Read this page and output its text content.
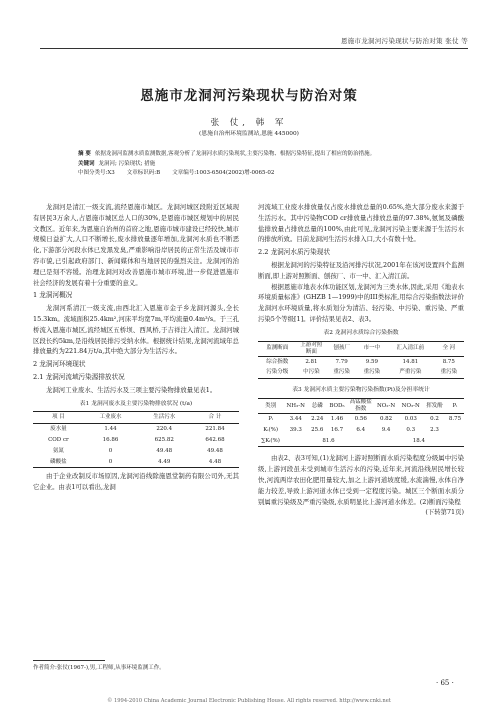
恩施市龙洞河污染现状与防治对策 张仗 等
恩施市龙洞河污染现状与防治对策
张 仗, 韩 军
(恩施自治州环境监测站,恩施 445000)
摘 要 依据龙洞河监测水质监测数据,客观分析了龙洞河水质污染现状,主要污染物、根据污染特征,提出了相应的防治措施。
关键词 龙洞河; 污染现状; 措施
中图分类号:X3 文章标识码:B 文章编号:1003-6504(2002)增-0065-02

龙洞河是清江一级支流,流经恩施市城区。龙洞河城区段附近区域现有居民3万余人,占恩施市城区总人口的30%,是恩施市城区规划中的居民文教区。近年来,为恩施自治州的首府之地,恩施市城市建设已经较快,城市规模日益扩大,人口不断增长,废水排放量逐年增加,龙洞河水质也不断恶化,下游部分河段水体已发黑发臭,严重影响沿岸居民的正常生活及城市市容市貌,已引起政府部门、新闻媒体和当地居民的强烈关注。龙洞河的治理已是刻不容缓。治理龙洞河对改善恩施市城市环境,进一步促进恩施市社会经济的发展有着十分重要的意义。

1 龙洞河概况

龙洞河系清江一级支流,由西北汇入恩施市金子乡龙洞河源头,全长15.3km。流域面积25.4km²,河床平均宽7m,平均流量0.4m³/s。于三孔桥流入恩施市城区,流经城区五桥坝、西风桥,于吉祥注入清江。龙洞河城区段长约5km,是沿线居民排污受纳水体。根据统计结果,龙洞河流域年总排放量约为221.84万t/a,其中绝大部分为生活污水。

2 龙洞河环境现状
2.1 龙洞河流域污染源排放状况

龙洞河工业废水、生活污水及三项主要污染物排放量见表1。

表1 龙洞河废水及主要污染物排放状况 (t/a)
项 目	工业废水	生活污水	合 计
废水量	1.44	220.4	221.84
COD cr	16.86	625.82	642.68
氨氮	0	49.48	49.48
磷酸盐	0	4.49	4.48

由于企业改制反市场原因,龙洞河沿线除施恩堂制药有限公司外,无其它企业。由表1可以看出,龙洞

河流域工业废水排放量仅占废水排放总量的0.65%,绝大部分废水来源于生活污水。其中污染物COD cr排放量占排放总量的97.38%,氨氮及磷酸盐排放量占排放总量的100%,由此可见,龙洞河污染主要来源于生活污水的排放所致。目前龙洞河生活污水排入口,大小有数十处。

2.2 龙洞河水质污染现状

根据龙洞河的污染特征及沿河排污状况,2001年在该河设置四个监测断面,即上游对照断面、刨孩厂、市一中、汇入清江前。

根据恩施市地表水体功能区划,龙洞河为三类水体,因此,采用《地表水环境质量标准》(GHZB 1—1999)中的III类标准,用综合污染指数法评价龙洞河水环境质量,将水质划分为清洁、轻污染、中污染、重污染、严重污染5个等级[1]。评价结果见表2、表3。

表2 龙洞河水质综合污染指数
监测断面	上游对照断面	刨孩厂	市一中	汇入清江前	全 河
综合指数	2.81	7.79	9.59	14.81	8.75
污染分级	中污染	重污染	重污染	严重污染	重污染
表3 龙洞河水质主要污染物污染指数(Pi)及分担率统计
类别	NH₃-N	总磷	BOD₅	高锰酸盐指数	NO₂-N	NO₃-N	挥发酚	Pᵢ
Pᵢ	3.44	2.24	1.46	0.56	0.82	0.03	0.2	8.75
Kᵢ(%)	39.3	25.6	16.7	6.4	9.4	0.3	2.3	
∑Kᵢ(%)	81.6				18.4			

由表2、表3可知,(1)龙洞河上游对照断面水质污染程度分级属中污染级,上游河段虽未受到城市生活污水的污染,近年来,河流沿线居民增长较快,河流两岸农田化肥用量较大,加之上游河道坡度缓,水流湍慢,水体自净能力较差,导致上游河道水体已受到一定程度污染。城区三个断面水质分别属重污染级及严重污染级,水质明显比上游河道水体差。(2)断面污染程

(下转第71页)
作者简介:张仗(1967-),男,工程师,从事环境监测工作。
· 65 ·
© 1994-2010 China Academic Journal Electronic Publishing House. All rights reserved. http://www.cnki.net
